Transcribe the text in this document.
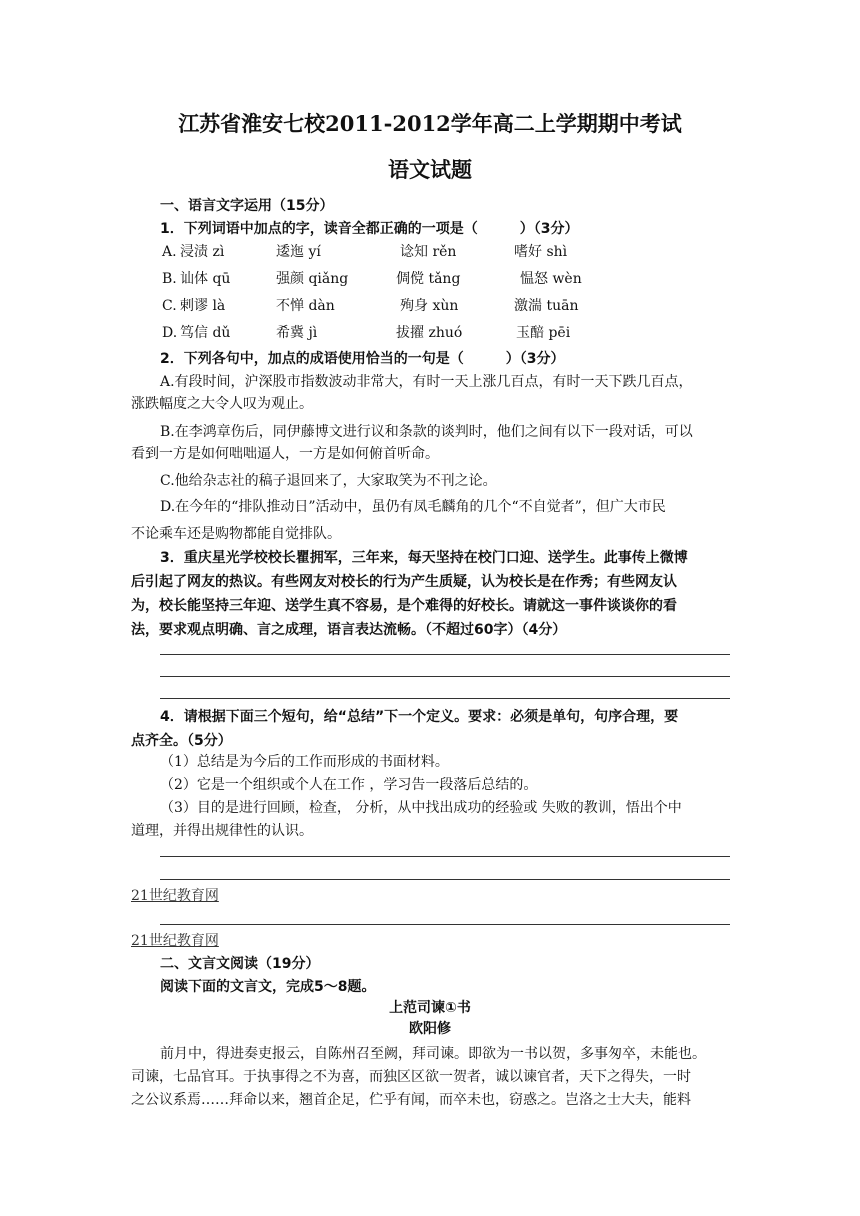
江苏省淮安七校2011-2012学年高二上学期期中考试
语文试题
一、语言文字运用（15分）
1．下列词语中加点的字，读音全都正确的一项是（　　　）（3分）
A. 浸渍 zì	逶迤 yí	谂知 rěn	嗜好 shì
B. 讪体 qū	强颜 qiǎng	倜傥 tǎng	愠怒 wèn
C. 剌谬 là	不惮 dàn	殉身 xùn	激湍 tuān
D. 笃信 dǔ	希冀 jì	拔擢 zhuó	玉醅 pēi
2．下列各句中，加点的成语使用恰当的一句是（　　　）（3分）
A.有段时间，沪深股市指数波动非常大，有时一天上涨几百点，有时一天下跌几百点，
涨跌幅度之大令人叹为观止。
B.在李鸿章伤后，同伊藤博文进行议和条款的谈判时，他们之间有以下一段对话，可以
看到一方是如何咄咄逼人，一方是如何俯首听命。
C.他给杂志社的稿子退回来了，大家取笑为不刊之论。
D.在今年的“排队推动日”活动中，虽仍有凤毛麟角的几个“不自觉者”，但广大市民
不论乘车还是购物都能自觉排队。
3．重庆星光学校校长瞿拥军，三年来，每天坚持在校门口迎、送学生。此事传上微博
后引起了网友的热议。有些网友对校长的行为产生质疑，认为校长是在作秀；有些网友认
为，校长能坚持三年迎、送学生真不容易，是个难得的好校长。请就这一事件谈谈你的看
法，要求观点明确、言之成理，语言表达流畅。（不超过60字）（4分）
4．请根据下面三个短句，给“总结”下一个定义。要求：必须是单句，句序合理，要
点齐全。（5分）
（1）总结是为今后的工作而形成的书面材料。
（2）它是一个组织或个人在工作 ，学习告一段落后总结的。
（3）目的是进行回顾，检查， 分析，从中找出成功的经验或 失败的教训，悟出个中
道理，并得出规律性的认识。
21世纪教育网
21世纪教育网
二、文言文阅读（19分）
阅读下面的文言文，完成5～8题。
上范司谏①书
欧阳修
前月中，得进奏吏报云，自陈州召至阙，拜司谏。即欲为一书以贺，多事匆卒，未能也。
司谏，七品官耳。于执事得之不为喜，而独区区欲一贺者，诚以谏官者，天下之得失，一时
之公议系焉……拜命以来，翘首企足，伫乎有闻，而卒未也，窃惑之。岂洛之士大夫，能料
